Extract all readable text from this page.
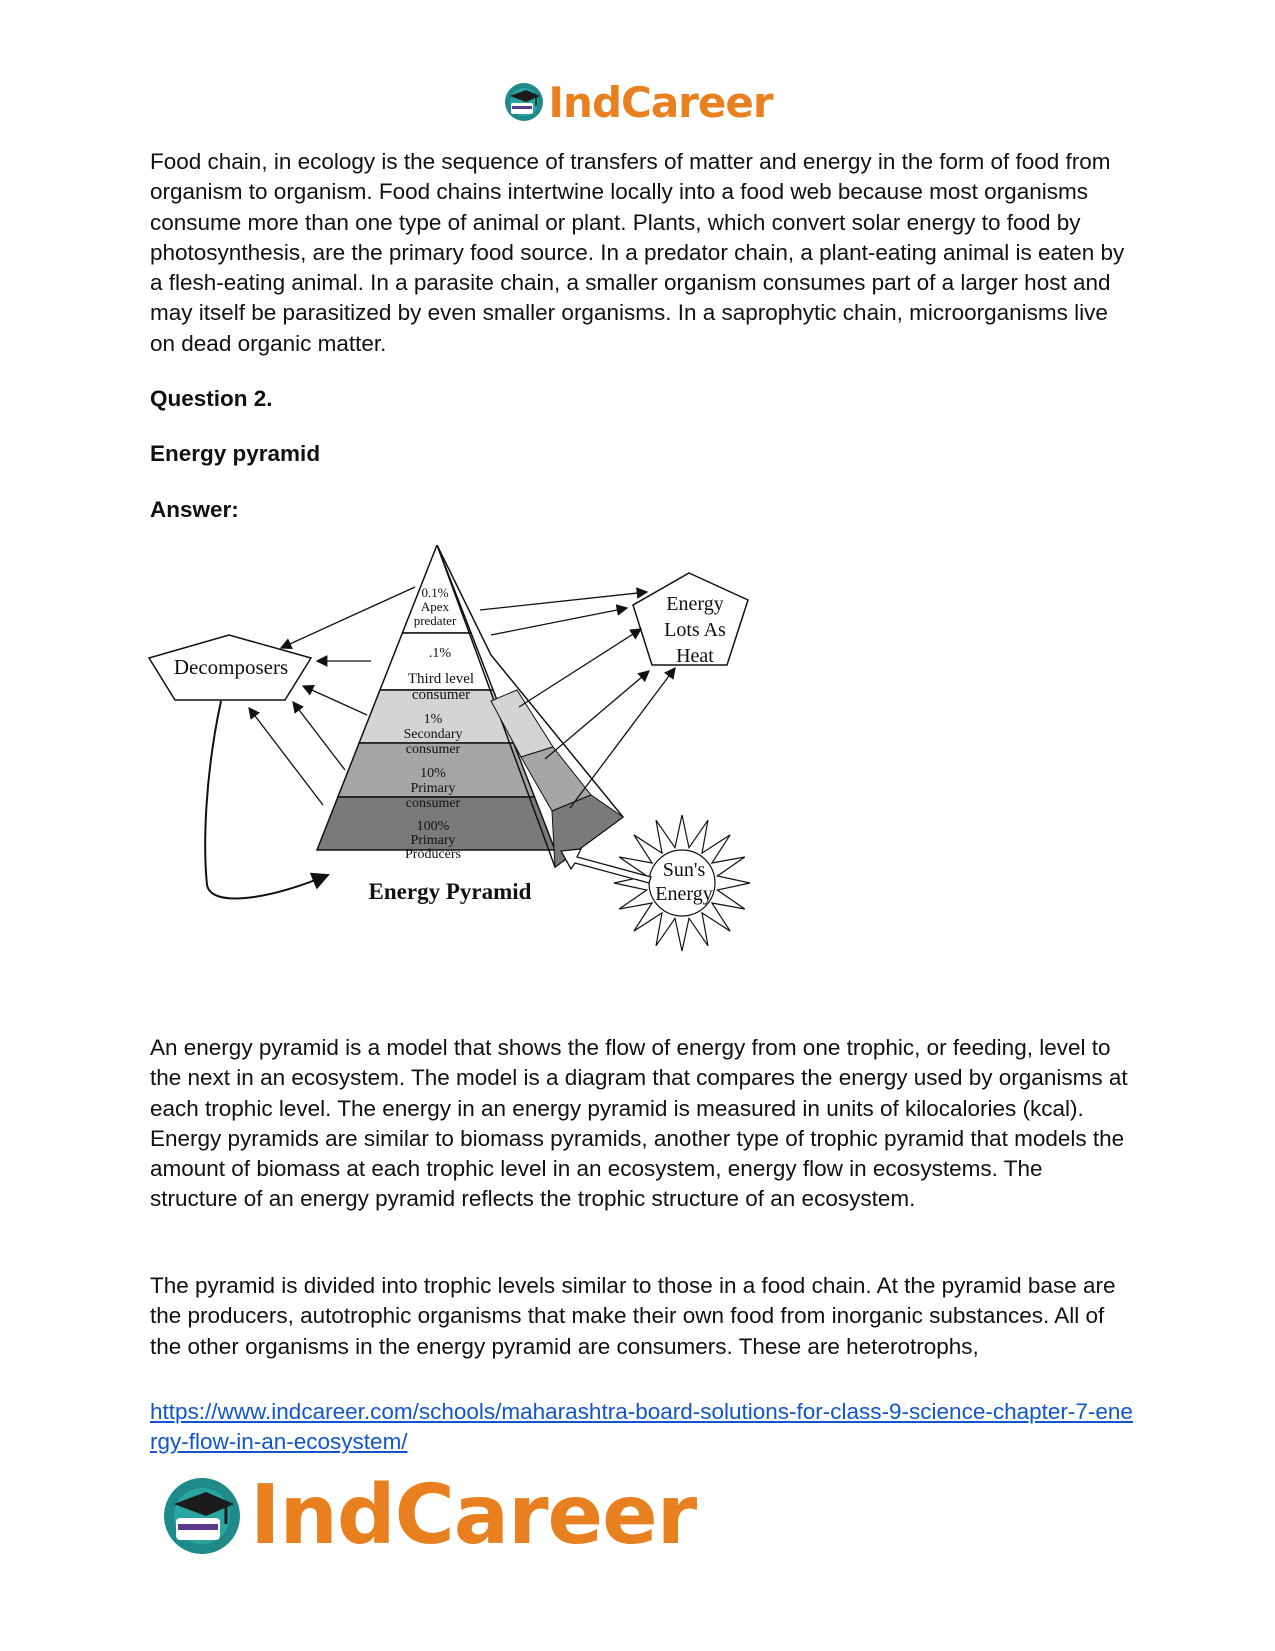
IndCareer

Food chain, in ecology is the sequence of transfers of matter and energy in the form of food from organism to organism. Food chains intertwine locally into a food web because most organisms consume more than one type of animal or plant. Plants, which convert solar energy to food by photosynthesis, are the primary food source. In a predator chain, a plant-eating animal is eaten by a flesh-eating animal. In a parasite chain, a smaller organism consumes part of a larger host and may itself be parasitized by even smaller organisms. In a saprophytic chain, microorganisms live on dead organic matter.

Question 2.

Energy pyramid

Answer:

0.1%
Apex
predater
.1%
Third level
consumer
1%
Secondary
consumer
10%
Primary
consumer
100%
Primary
Producers
Energy Pyramid
Decomposers
Energy
Lots As
Heat
Sun's
Energy

An energy pyramid is a model that shows the flow of energy from one trophic, or feeding, level to the next in an ecosystem. The model is a diagram that compares the energy used by organisms at each trophic level. The energy in an energy pyramid is measured in units of kilocalories (kcal). Energy pyramids are similar to biomass pyramids, another type of trophic pyramid that models the amount of biomass at each trophic level in an ecosystem, energy flow in ecosystems. The structure of an energy pyramid reflects the trophic structure of an ecosystem.

The pyramid is divided into trophic levels similar to those in a food chain. At the pyramid base are the producers, autotrophic organisms that make their own food from inorganic substances. All of the other organisms in the energy pyramid are consumers. These are heterotrophs,

https://www.indcareer.com/schools/maharashtra-board-solutions-for-class-9-science-chapter-7-energy-flow-in-an-ecosystem/
IndCareer
